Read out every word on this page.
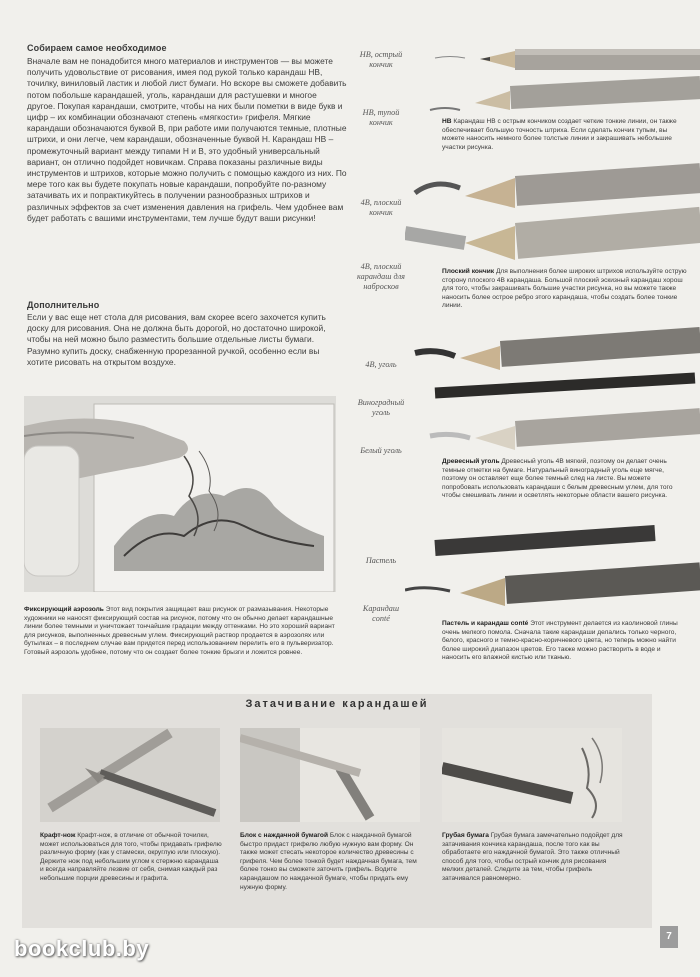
Собираем самое необходимое
Вначале вам не понадобится много материалов и инструментов — вы можете получить удовольствие от рисования, имея под рукой только карандаш НВ, точилку, виниловый ластик и любой лист бумаги. Но вскоре вы сможете добавить потом побольше карандашей, уголь, карандаши для растушевки и многое другое. Покупая карандаши, смотрите, чтобы на них были пометки в виде букв и цифр – их комбинации обозначают степень «мягкости» грифеля. Мягкие карандаши обозначаются буквой B, при работе ими получаются темные, плотные штрихи, и они легче, чем карандаши, обозначенные буквой H. Карандаш HB – промежуточный вариант между типами H и B, это удобный универсальный вариант, он отлично подойдет новичкам. Справа показаны различные виды инструментов и штрихов, которые можно получить с помощью каждого из них. По мере того как вы будете покупать новые карандаши, попробуйте по-разному затачивать их и попрактикуйтесь в получении разнообразных штрихов и различных эффектов за счет изменения давления на грифель. Чем удобнее вам будет работать с вашими инструментами, тем лучше будут ваши рисунки!
Дополнительно
Если у вас еще нет стола для рисования, вам скорее всего захочется купить доску для рисования. Она не должна быть дорогой, но достаточно широкой, чтобы на ней можно было разместить большие отдельные листы бумаги. Разумно купить доску, снабженную прорезанной ручкой, особенно если вы хотите рисовать на открытом воздухе.
Фиксирующий аэрозоль Этот вид покрытия защищает ваш рисунок от размазывания. Некоторые художники не наносят фиксирующий состав на рисунок, потому что он обычно делает карандашные линии более темными и уничтожает тончайшие градации между оттенками. Но это хороший вариант для рисунков, выполненных древесным углем. Фиксирующий раствор продается в аэрозолях или бутылках – в последнем случае вам придется перед использованием перелить его в пульверизатор. Готовый аэрозоль удобнее, потому что он создает более тонкие брызги и ложится ровнее.
HB, острый кончик
HB, тупой кончик
4B, плоский кончик
4B, плоский карандаш для набросков
4B, уголь
Виноградный уголь
Белый уголь
Пастель
Карандаш conté
HB Карандаш HB с острым кончиком создает четкие тонкие линии, он также обеспечивает большую точность штриха. Если сделать кончик тупым, вы можете наносить немного более толстые линии и закрашивать небольшие участки рисунка.
Плоский кончик Для выполнения более широких штрихов используйте острую сторону плоского 4B карандаша. Большой плоский эскизный карандаш хорош для того, чтобы закрашивать большие участки рисунка, но вы можете также наносить более острое ребро этого карандаша, чтобы создать более тонкие линии.
Древесный уголь Древесный уголь 4B мягкий, поэтому он делает очень темные отметки на бумаге. Натуральный виноградный уголь еще мягче, поэтому он оставляет еще более темный след на листе. Вы можете попробовать использовать карандаши с белым древесным углем, для того чтобы смешивать линии и осветлять некоторые области вашего рисунка.
Пастель и карандаш conté Этот инструмент делается из каолиновой глины очень мелкого помола. Сначала такие карандаши делались только черного, белого, красного и темно-красно-коричневого цвета, но теперь можно найти более широкий диапазон цветов. Его также можно растворить в воде и наносить его влажной кистью или тканью.
Затачивание карандашей
Крафт-нож Крафт-нож, в отличие от обычной точилки, может использоваться для того, чтобы придавать грифелю различную форму (как у стамески, округлую или плоскую). Держите нож под небольшим углом к стержню карандаша и всегда направляйте лезвие от себя, снимая каждый раз небольшие порции древесины и графита.
Блок с наждачной бумагой Блок с наждачной бумагой быстро придаст грифелю любую нужную вам форму. Он также может стесать некоторое количество древесины с грифеля. Чем более тонкой будет наждачная бумага, тем более тонко вы сможете заточить грифель. Водите карандашом по наждачной бумаге, чтобы придать ему нужную форму.
Грубая бумага Грубая бумага замечательно подойдет для затачивания кончика карандаша, после того как вы обработаете его наждачной бумагой. Это также отличный способ для того, чтобы острый кончик для рисования мелких деталей. Следите за тем, чтобы грифель затачивался равномерно.
bookclub.by	7
